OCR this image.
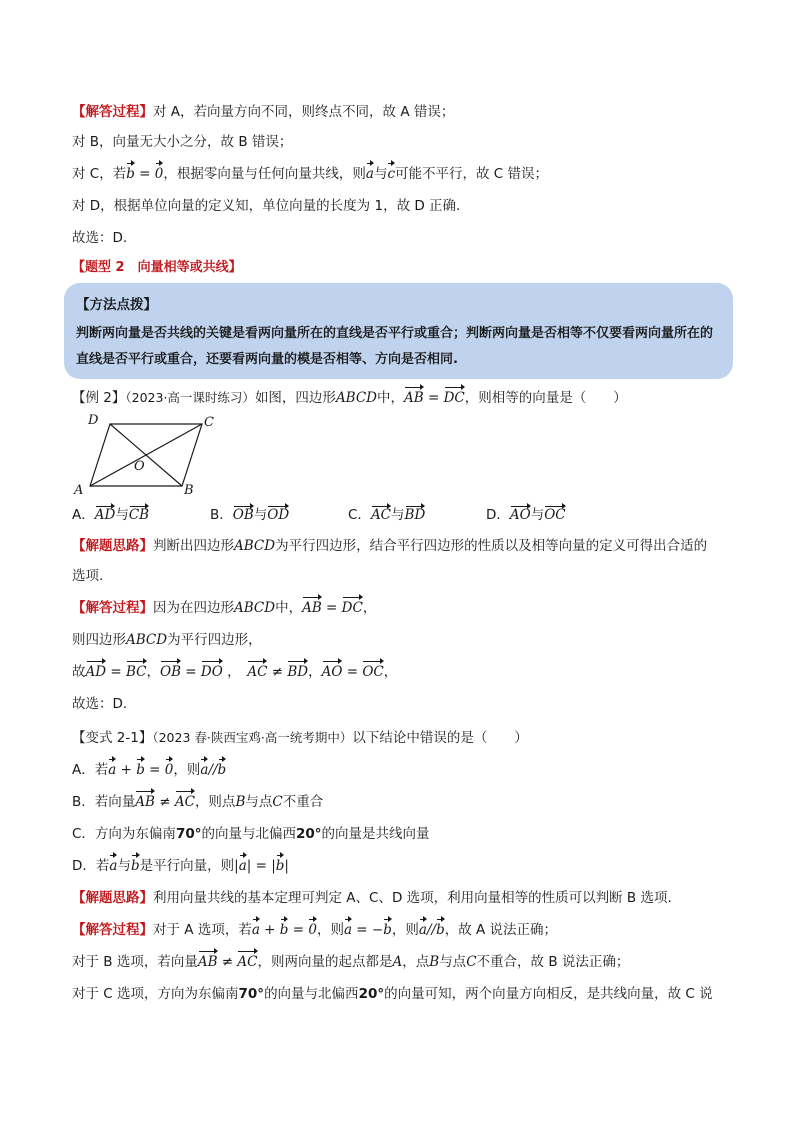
【解答过程】对 A，若向量方向不同，则终点不同，故 A 错误；
对 B，向量无大小之分，故 B 错误；
对 C，若b = 0，根据零向量与任何向量共线，则a与c可能不平行，故 C 错误；
对 D，根据单位向量的定义知，单位向量的长度为 1，故 D 正确.
故选：D.
【题型 2　向量相等或共线】
【方法点拨】
判断两向量是否共线的关键是看两向量所在的直线是否平行或重合；判断两向量是否相等不仅要看两向量所在的直线是否平行或重合，还要看两向量的模是否相等、方向是否相同.
【例 2】（2023·高一课时练习）如图，四边形ABCD中，AB = DC，则相等的向量是（　　）
A	B
C
D
O
A．AD与CB	B．OB与OD	C．AC与BD	D．AO与OC
【解题思路】判断出四边形ABCD为平行四边形，结合平行四边形的性质以及相等向量的定义可得出合适的
选项.
【解答过程】因为在四边形ABCD中，AB = DC，
则四边形ABCD为平行四边形，
故AD = BC，OB = DO ，　AC ≠ BD，AO = OC，
故选：D.
【变式 2-1】（2023 春·陕西宝鸡·高一统考期中）以下结论中错误的是（　　）
A．若a + b = 0，则a//b
B．若向量AB ≠ AC，则点B与点C不重合
C．方向为东偏南70°的向量与北偏西20°的向量是共线向量
D．若a与b是平行向量，则|a| = |b|
【解题思路】利用向量共线的基本定理可判定 A、C、D 选项，利用向量相等的性质可以判断 B 选项.
【解答过程】对于 A 选项，若a + b = 0，则a = −b，则a//b，故 A 说法正确；
对于 B 选项，若向量AB ≠ AC，则两向量的起点都是A，点B与点C不重合，故 B 说法正确；
对于 C 选项，方向为东偏南70°的向量与北偏西20°的向量可知，两个向量方向相反，是共线向量，故 C 说
